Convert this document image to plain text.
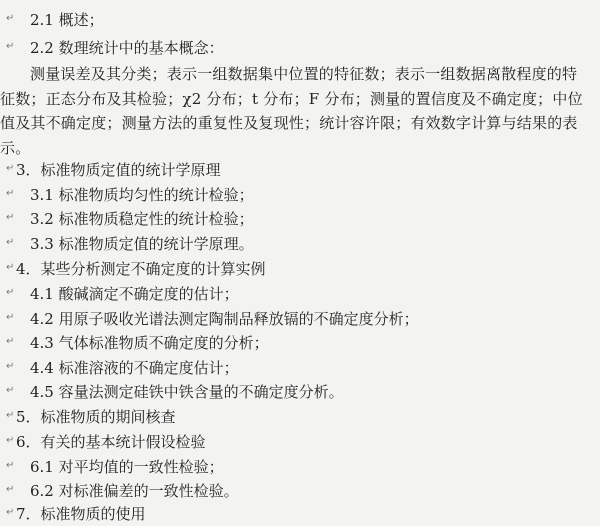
↵ 2.1 概述；
↵ 2.2 数理统计中的基本概念：
测量误差及其分类；表示一组数据集中位置的特征数；表示一组数据离散程度的特征数；正态分布及其检验；χ2 分布；t 分布；F 分布；测量的置信度及不确定度；中位值及其不确定度；测量方法的重复性及复现性；统计容许限；有效数字计算与结果的表示。
↵ 3．标准物质定值的统计学原理
↵ 3.1 标准物质均匀性的统计检验；
↵ 3.2 标准物质稳定性的统计检验；
↵ 3.3 标准物质定值的统计学原理。
↵ 4．某些分析测定不确定度的计算实例
↵ 4.1 酸碱滴定不确定度的估计；
↵ 4.2 用原子吸收光谱法测定陶制品释放镉的不确定度分析；
↵ 4.3 气体标准物质不确定度的分析；
↵ 4.4 标准溶液的不确定度估计；
↵ 4.5 容量法测定硅铁中铁含量的不确定度分析。
↵ 5．标准物质的期间核查
↵ 6．有关的基本统计假设检验
↵ 6.1 对平均值的一致性检验；
↵ 6.2 对标准偏差的一致性检验。
↵ 7．标准物质的使用
